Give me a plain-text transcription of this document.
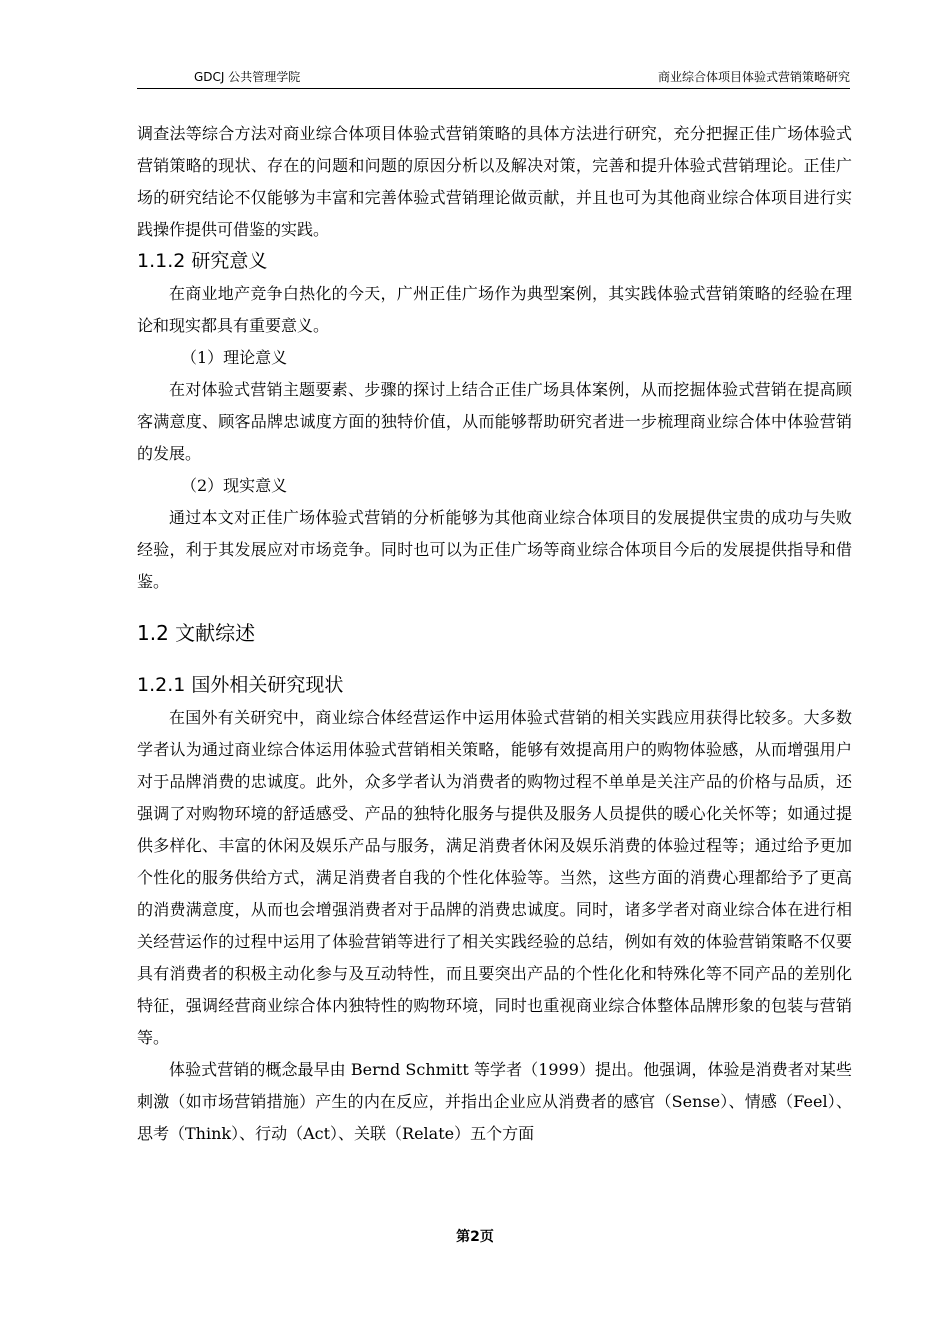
GDCJ 公共管理学院	商业综合体项目体验式营销策略研究

调查法等综合方法对商业综合体项目体验式营销策略的具体方法进行研究，充分把握正佳广场体验式营销策略的现状、存在的问题和问题的原因分析以及解决对策，完善和提升体验式营销理论。正佳广场的研究结论不仅能够为丰富和完善体验式营销理论做贡献，并且也可为其他商业综合体项目进行实践操作提供可借鉴的实践。

1.1.2 研究意义

在商业地产竞争白热化的今天，广州正佳广场作为典型案例，其实践体验式营销策略的经验在理论和现实都具有重要意义。

（1）理论意义

在对体验式营销主题要素、步骤的探讨上结合正佳广场具体案例，从而挖掘体验式营销在提高顾客满意度、顾客品牌忠诚度方面的独特价值，从而能够帮助研究者进一步梳理商业综合体中体验营销的发展。

（2）现实意义

通过本文对正佳广场体验式营销的分析能够为其他商业综合体项目的发展提供宝贵的成功与失败经验，利于其发展应对市场竞争。同时也可以为正佳广场等商业综合体项目今后的发展提供指导和借鉴。

1.2 文献综述
1.2.1 国外相关研究现状

在国外有关研究中，商业综合体经营运作中运用体验式营销的相关实践应用获得比较多。大多数学者认为通过商业综合体运用体验式营销相关策略，能够有效提高用户的购物体验感，从而增强用户对于品牌消费的忠诚度。此外，众多学者认为消费者的购物过程不单单是关注产品的价格与品质，还强调了对购物环境的舒适感受、产品的独特化服务与提供及服务人员提供的暖心化关怀等；如通过提供多样化、丰富的休闲及娱乐产品与服务，满足消费者休闲及娱乐消费的体验过程等；通过给予更加个性化的服务供给方式，满足消费者自我的个性化体验等。当然，这些方面的消费心理都给予了更高的消费满意度，从而也会增强消费者对于品牌的消费忠诚度。同时，诸多学者对商业综合体在进行相关经营运作的过程中运用了体验营销等进行了相关实践经验的总结，例如有效的体验营销策略不仅要具有消费者的积极主动化参与及互动特性，而且要突出产品的个性化化和特殊化等不同产品的差别化特征，强调经营商业综合体内独特性的购物环境，同时也重视商业综合体整体品牌形象的包装与营销等。

体验式营销的概念最早由 Bernd Schmitt 等学者（1999）提出。他强调，体验是消费者对某些刺激（如市场营销措施）产生的内在反应，并指出企业应从消费者的感官（Sense）、情感（Feel）、思考（Think）、行动（Act）、关联（Relate）五个方面

第2页
